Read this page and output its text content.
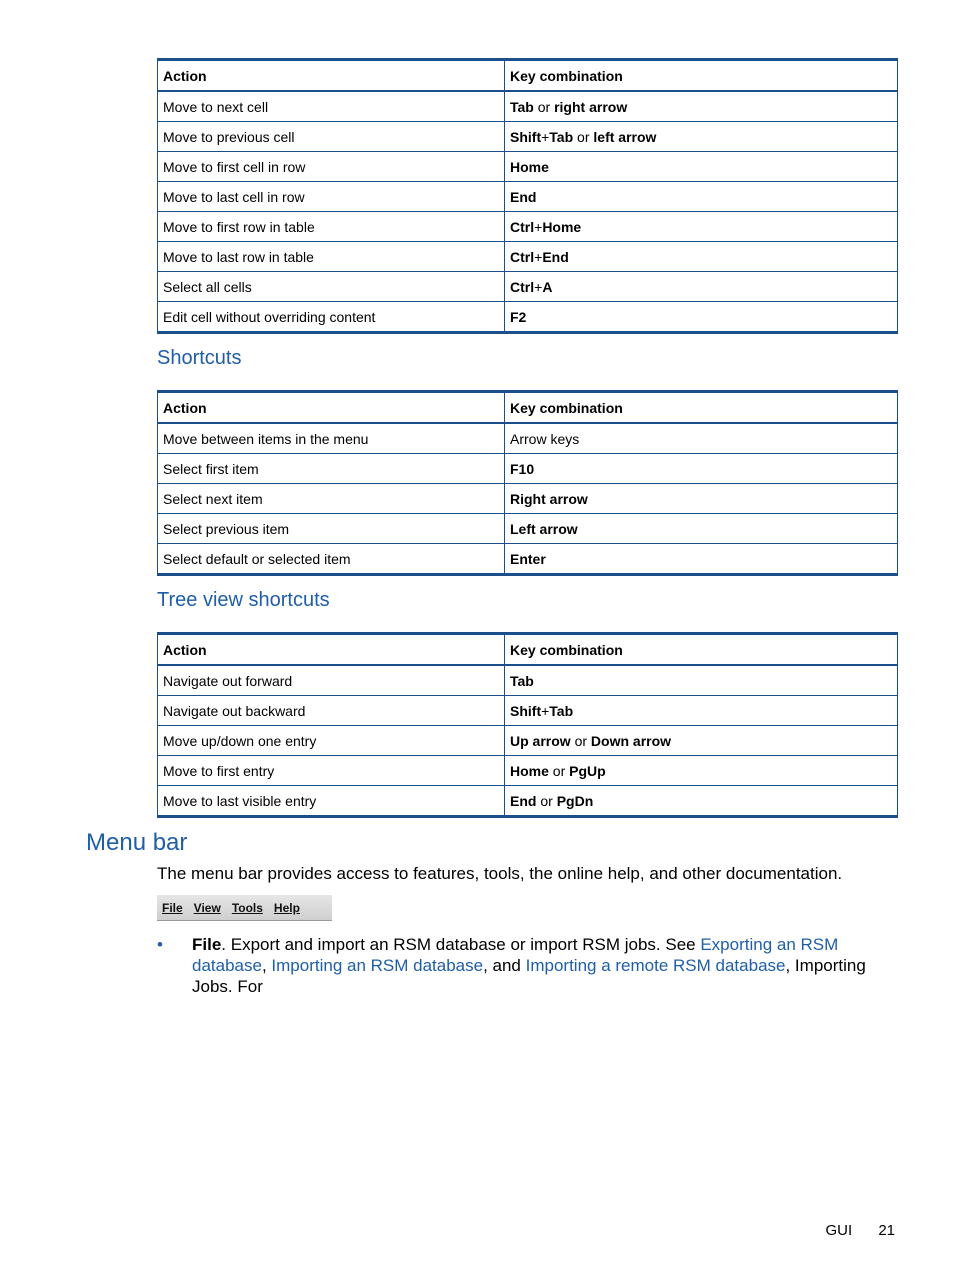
Action	Key combination
Move to next cell	Tab or right arrow
Move to previous cell	Shift+Tab or left arrow
Move to first cell in row	Home
Move to last cell in row	End
Move to first row in table	Ctrl+Home
Move to last row in table	Ctrl+End
Select all cells	Ctrl+A
Edit cell without overriding content	F2
Shortcuts
Action	Key combination
Move between items in the menu	Arrow keys
Select first item	F10
Select next item	Right arrow
Select previous item	Left arrow
Select default or selected item	Enter
Tree view shortcuts
Action	Key combination
Navigate out forward	Tab
Navigate out backward	Shift+Tab
Move up/down one entry	Up arrow or Down arrow
Move to first entry	Home or PgUp
Move to last visible entry	End or PgDn
Menu bar

The menu bar provides access to features, tools, the online help, and other documentation.

File View Tools Help
• File. Export and import an RSM database or import RSM jobs. See Exporting an RSM database, Importing an RSM database, and Importing a remote RSM database, Importing Jobs. For
GUI 21
